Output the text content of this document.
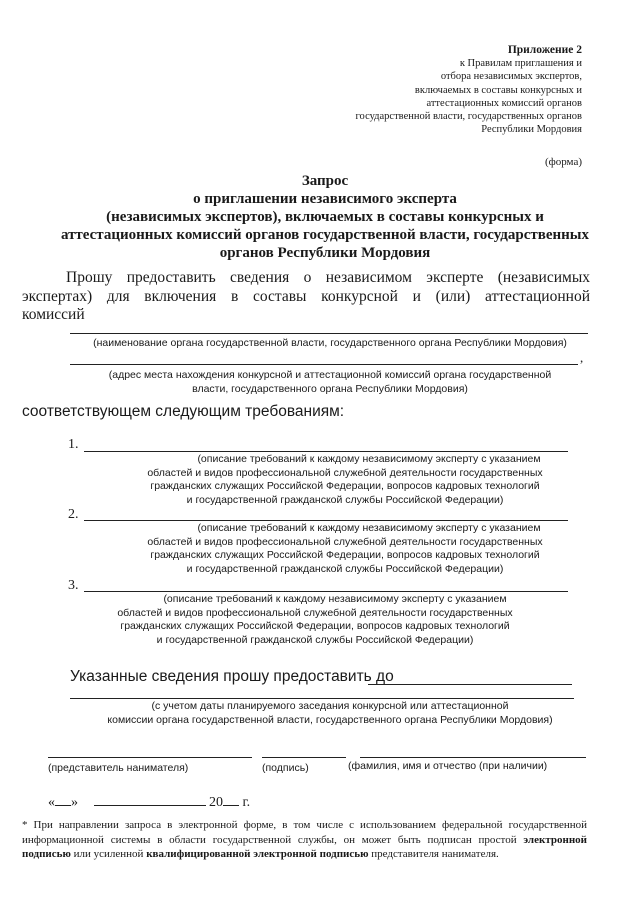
Приложение 2
к Правилам приглашения и
отбора независимых экспертов,
включаемых в составы конкурсных и
аттестационных комиссий органов
государственной власти, государственных органов
Республики Мордовия
(форма)
Запрос
о приглашении независимого эксперта
(независимых экспертов), включаемых в составы конкурсных и
аттестационных комиссий органов государственной власти, государственных
органов Республики Мордовия
Прошу предоставить сведения о независимом эксперте (независимых
экспертах) для включения в составы конкурсной и (или) аттестационной
комиссий
(наименование органа государственной власти, государственного органа Республики Мордовия)
,
(адрес места нахождения конкурсной и аттестационной комиссий органа государственной
власти, государственного органа Республики Мордовия)
соответствующем следующим требованиям:
1.
(описание требований к каждому независимому эксперту с указанием
областей и видов профессиональной служебной деятельности государственных
гражданских служащих Российской Федерации, вопросов кадровых технологий
и государственной гражданской службы Российской Федерации)
2.
(описание требований к каждому независимому эксперту с указанием
областей и видов профессиональной служебной деятельности государственных
гражданских служащих Российской Федерации, вопросов кадровых технологий
и государственной гражданской службы Российской Федерации)
3.
(описание требований к каждому независимому эксперту с указанием
областей и видов профессиональной служебной деятельности государственных
гражданских служащих Российской Федерации, вопросов кадровых технологий
и государственной гражданской службы Российской Федерации)
Указанные сведения прошу предоставить до
(с учетом даты планируемого заседания конкурсной или аттестационной
комиссии органа государственной власти, государственного органа Республики Мордовия)
(представитель нанимателя)	(подпись)	(фамилия, имя и отчество (при наличии)
« »	20 г.
* При направлении запроса в электронной форме, в том числе с использованием федеральной государственной информационной системы в области государственной службы, он может быть подписан простой электронной подписью или усиленной квалифицированной электронной подписью представителя нанимателя.
